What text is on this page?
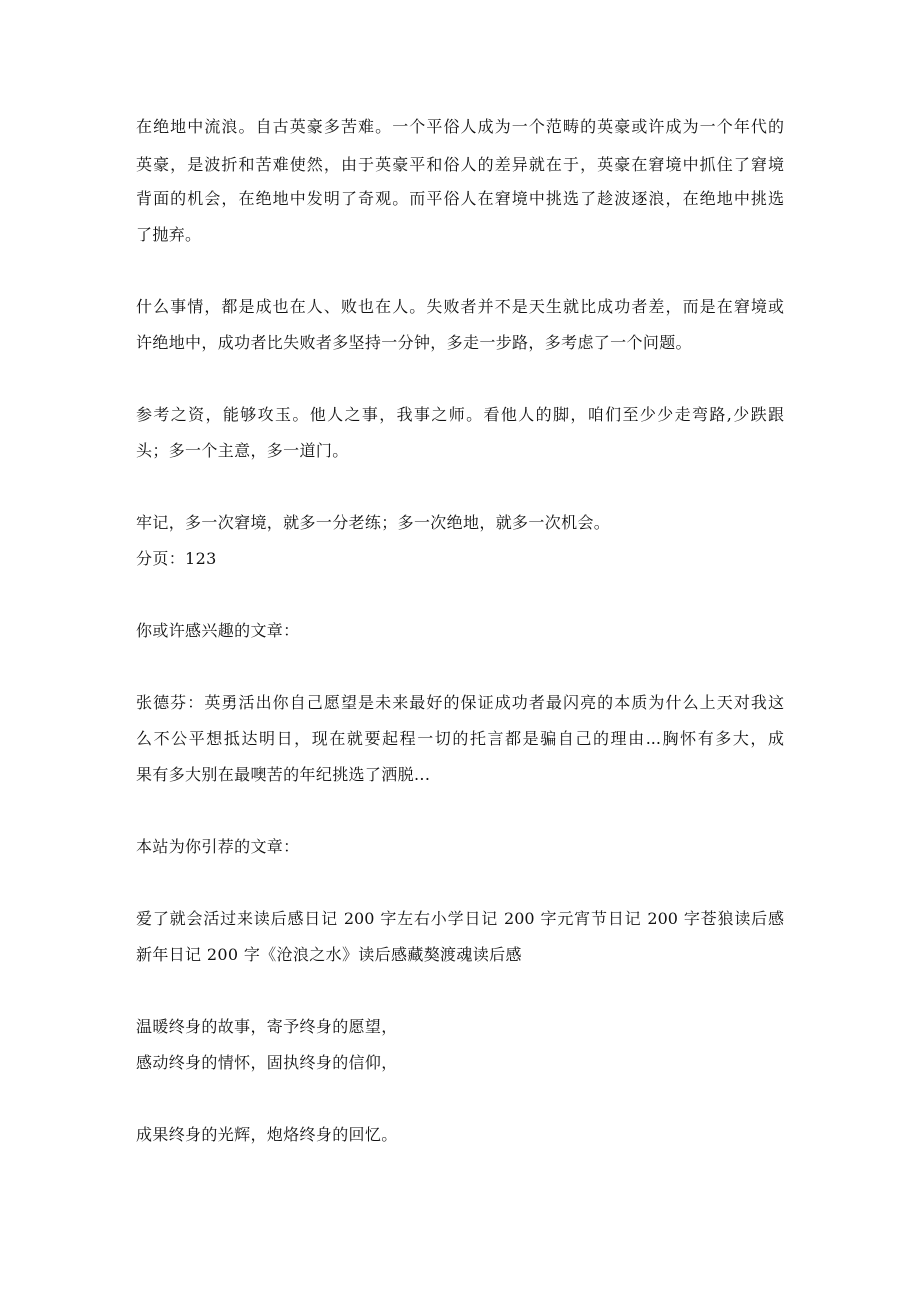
在绝地中流浪。自古英豪多苦难。一个平俗人成为一个范畴的英豪或许成为一个年代的
英豪，是波折和苦难使然，由于英豪平和俗人的差异就在于，英豪在窘境中抓住了窘境
背面的机会，在绝地中发明了奇观。而平俗人在窘境中挑选了趁波逐浪，在绝地中挑选
了抛弃。
什么事情，都是成也在人、败也在人。失败者并不是天生就比成功者差，而是在窘境或
许绝地中，成功者比失败者多坚持一分钟，多走一步路，多考虑了一个问题。
参考之资，能够攻玉。他人之事，我事之师。看他人的脚，咱们至少少走弯路,少跌跟
头；多一个主意，多一道门。
牢记，多一次窘境，就多一分老练；多一次绝地，就多一次机会。
分页：123
你或许感兴趣的文章：
张德芬：英勇活出你自己愿望是未来最好的保证成功者最闪亮的本质为什么上天对我这
么不公平想抵达明日，现在就要起程一切的托言都是骗自己的理由...胸怀有多大，成
果有多大别在最噢苦的年纪挑选了洒脱...
本站为你引荐的文章：
爱了就会活过来读后感日记 200 字左右小学日记 200 字元宵节日记 200 字苍狼读后感
新年日记 200 字《沧浪之水》读后感藏獒渡魂读后感
温暖终身的故事，寄予终身的愿望，
感动终身的情怀，固执终身的信仰，
成果终身的光辉，炮烙终身的回忆。
